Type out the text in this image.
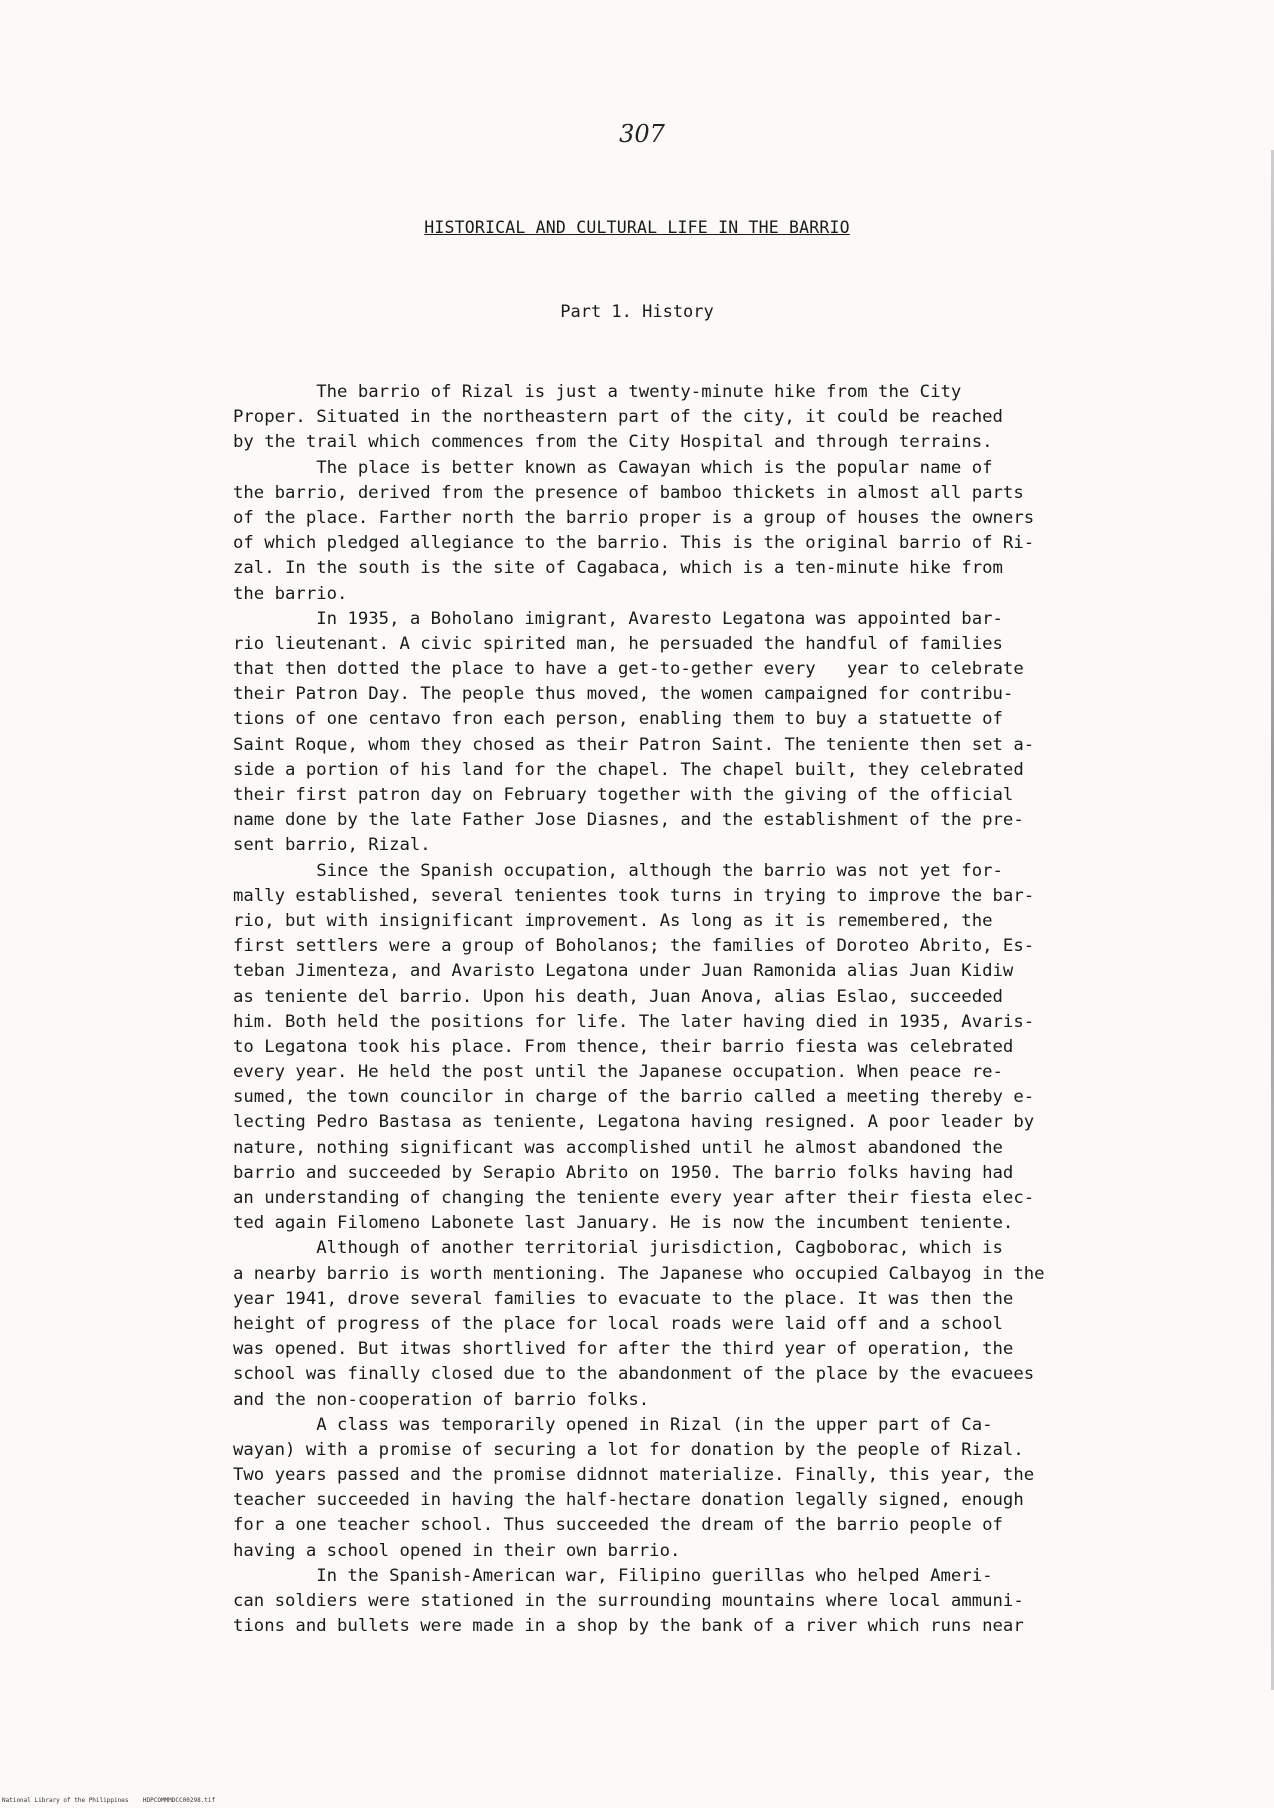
307
HISTORICAL AND CULTURAL LIFE IN THE BARRIO
Part 1. History
The barrio of Rizal is just a twenty-minute hike from the City
Proper. Situated in the northeastern part of the city, it could be reached
by the trail which commences from the City Hospital and through terrains.
The place is better known as Cawayan which is the popular name of
the barrio, derived from the presence of bamboo thickets in almost all parts
of the place. Farther north the barrio proper is a group of houses the owners
of which pledged allegiance to the barrio. This is the original barrio of Ri-
zal. In the south is the site of Cagabaca, which is a ten-minute hike from
the barrio.
In 1935, a Boholano imigrant, Avaresto Legatona was appointed bar-
rio lieutenant. A civic spirited man, he persuaded the handful of families
that then dotted the place to have a get-to-gether every   year to celebrate
their Patron Day. The people thus moved, the women campaigned for contribu-
tions of one centavo fron each person, enabling them to buy a statuette of
Saint Roque, whom they chosed as their Patron Saint. The teniente then set a-
side a portion of his land for the chapel. The chapel built, they celebrated
their first patron day on February together with the giving of the official
name done by the late Father Jose Diasnes, and the establishment of the pre-
sent barrio, Rizal.
Since the Spanish occupation, although the barrio was not yet for-
mally established, several tenientes took turns in trying to improve the bar-
rio, but with insignificant improvement. As long as it is remembered, the
first settlers were a group of Boholanos; the families of Doroteo Abrito, Es-
teban Jimenteza, and Avaristo Legatona under Juan Ramonida alias Juan Kidiw
as teniente del barrio. Upon his death, Juan Anova, alias Eslao, succeeded
him. Both held the positions for life. The later having died in 1935, Avaris-
to Legatona took his place. From thence, their barrio fiesta was celebrated
every year. He held the post until the Japanese occupation. When peace re-
sumed, the town councilor in charge of the barrio called a meeting thereby e-
lecting Pedro Bastasa as teniente, Legatona having resigned. A poor leader by
nature, nothing significant was accomplished until he almost abandoned the
barrio and succeeded by Serapio Abrito on 1950. The barrio folks having had
an understanding of changing the teniente every year after their fiesta elec-
ted again Filomeno Labonete last January. He is now the incumbent teniente.
Although of another territorial jurisdiction, Cagboborac, which is
a nearby barrio is worth mentioning. The Japanese who occupied Calbayog in the
year 1941, drove several families to evacuate to the place. It was then the
height of progress of the place for local roads were laid off and a school
was opened. But itwas shortlived for after the third year of operation, the
school was finally closed due to the abandonment of the place by the evacuees
and the non-cooperation of barrio folks.
A class was temporarily opened in Rizal (in the upper part of Ca-
wayan) with a promise of securing a lot for donation by the people of Rizal.
Two years passed and the promise didnnot materialize. Finally, this year, the
teacher succeeded in having the half-hectare donation legally signed, enough
for a one teacher school. Thus succeeded the dream of the barrio people of
having a school opened in their own barrio.
In the Spanish-American war, Filipino guerillas who helped Ameri-
can soldiers were stationed in the surrounding mountains where local ammuni-
tions and bullets were made in a shop by the bank of a river which runs near
National Library of the Philippines    HDPCOMMMDCC00298.tif
